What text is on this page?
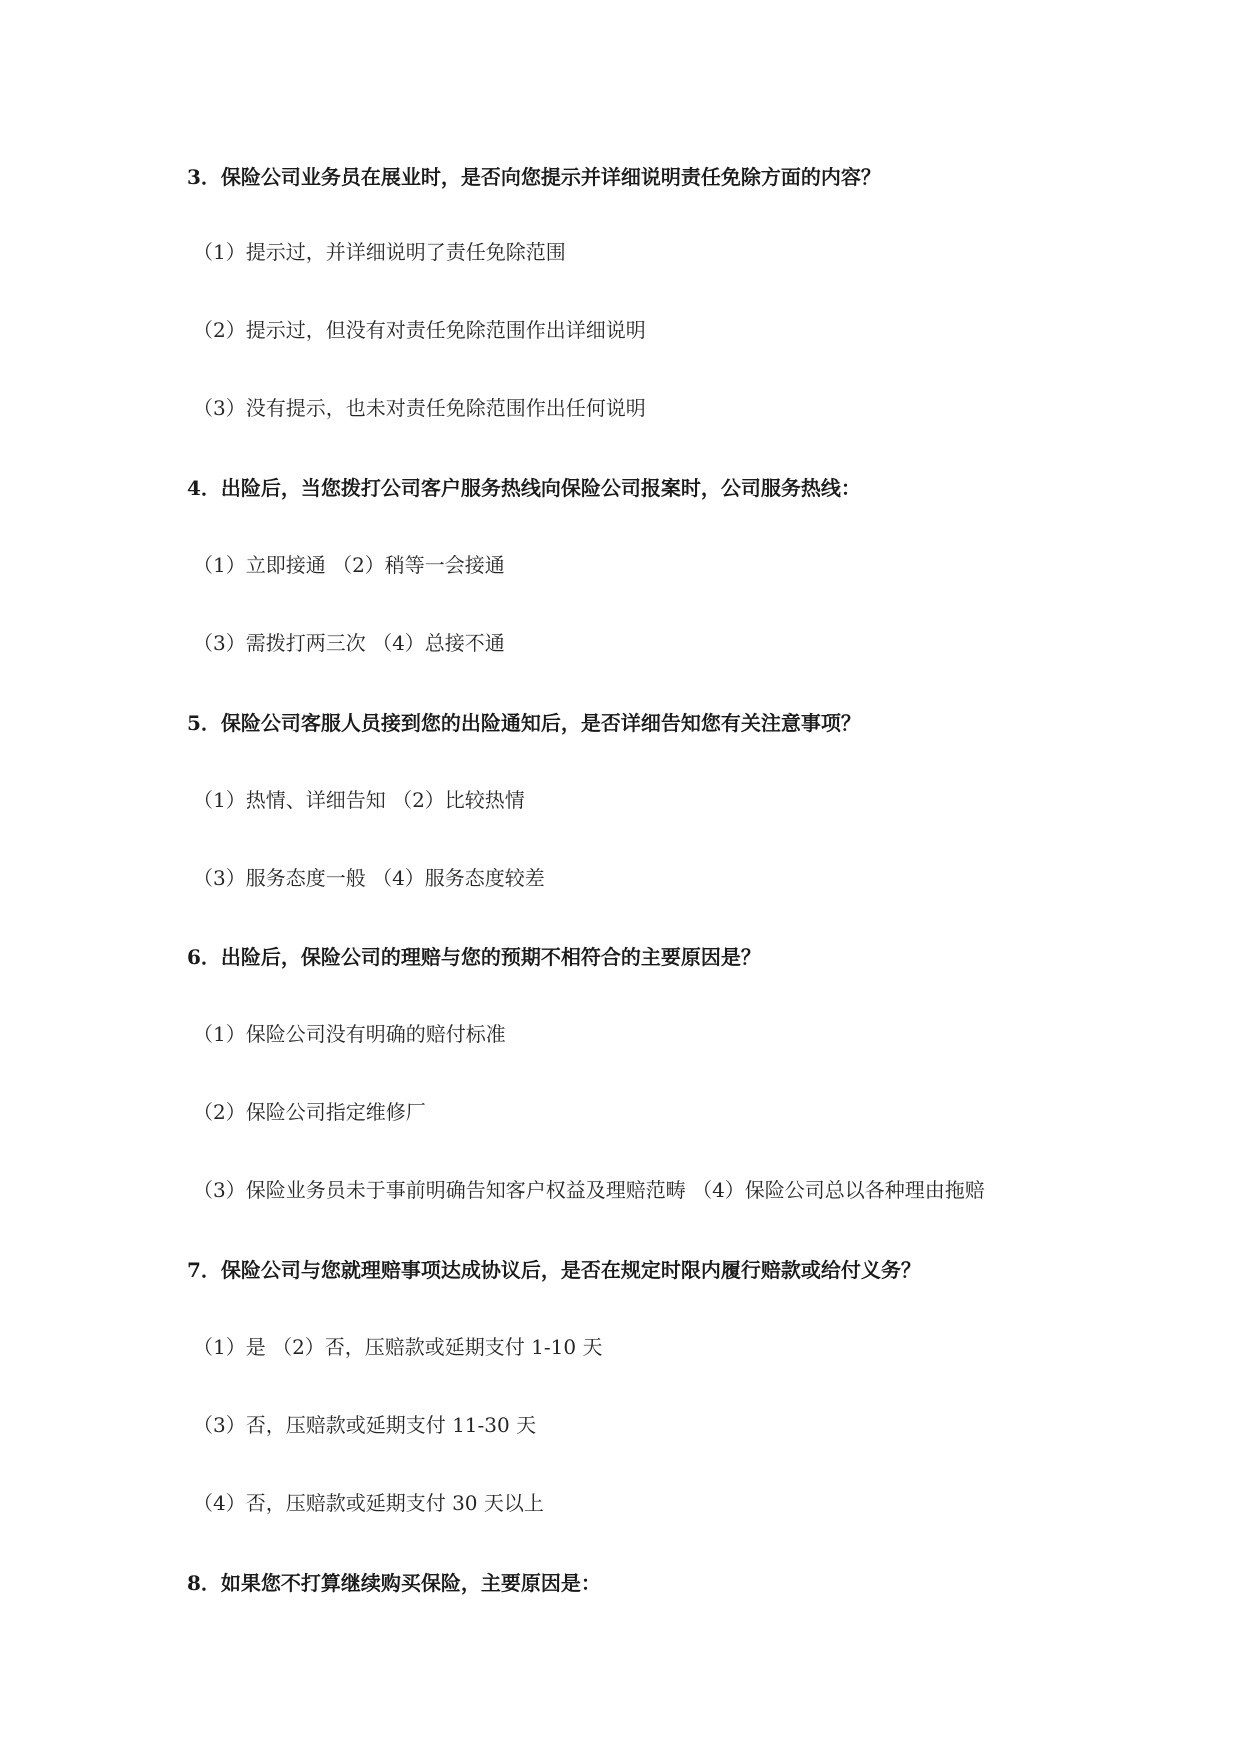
3．保险公司业务员在展业时，是否向您提示并详细说明责任免除方面的内容？
（1）提示过，并详细说明了责任免除范围
（2）提示过，但没有对责任免除范围作出详细说明
（3）没有提示，也未对责任免除范围作出任何说明
4．出险后，当您拨打公司客户服务热线向保险公司报案时，公司服务热线：
（1）立即接通 （2）稍等一会接通
（3）需拨打两三次 （4）总接不通
5．保险公司客服人员接到您的出险通知后，是否详细告知您有关注意事项？
（1）热情、详细告知 （2）比较热情
（3）服务态度一般 （4）服务态度较差
6．出险后，保险公司的理赔与您的预期不相符合的主要原因是？
（1）保险公司没有明确的赔付标准
（2）保险公司指定维修厂
（3）保险业务员未于事前明确告知客户权益及理赔范畴 （4）保险公司总以各种理由拖赔
7．保险公司与您就理赔事项达成协议后，是否在规定时限内履行赔款或给付义务？
（1）是 （2）否，压赔款或延期支付 1-10 天
（3）否，压赔款或延期支付 11-30 天
（4）否，压赔款或延期支付 30 天以上
8．如果您不打算继续购买保险，主要原因是：
